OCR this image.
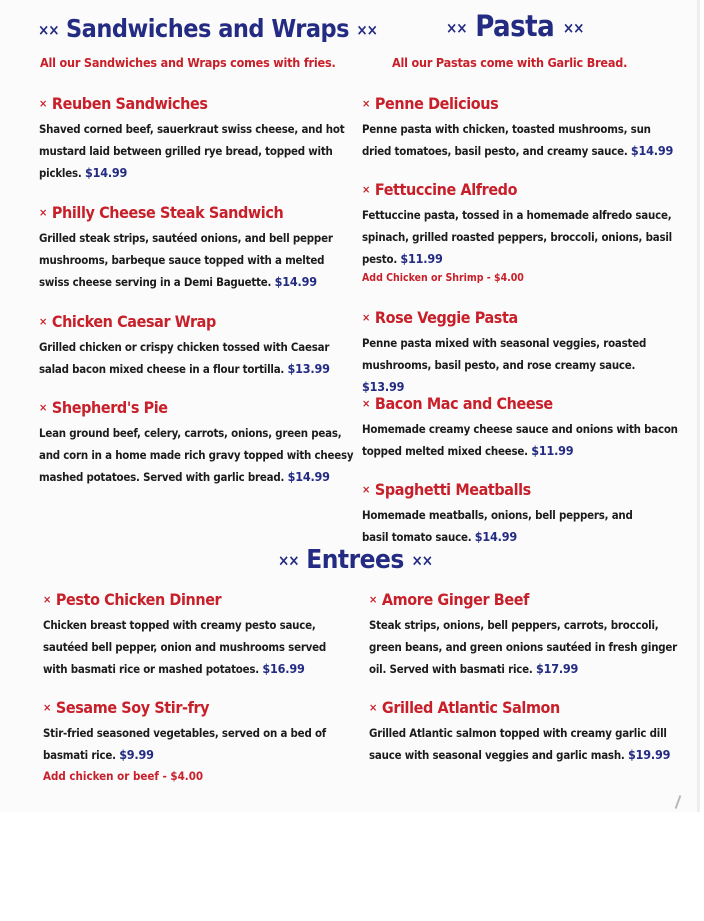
×× Sandwiches and Wraps ××

All our Sandwiches and Wraps comes with fries.

×× Pasta ××

All our Pastas come with Garlic Bread.

×× Entrees ××

× Reuben Sandwiches

Shaved corned beef, sauerkraut swiss cheese, and hot mustard laid between grilled rye bread, topped with pickles. $14.99

× Philly Cheese Steak Sandwich

Grilled steak strips, sautéed onions, and bell pepper mushrooms, barbeque sauce topped with a melted swiss cheese serving in a Demi Baguette. $14.99

× Chicken Caesar Wrap

Grilled chicken or crispy chicken tossed with Caesar salad bacon mixed cheese in a flour tortilla. $13.99

× Shepherd's Pie

Lean ground beef, celery, carrots, onions, green peas, and corn in a home made rich gravy topped with cheesy mashed potatoes. Served with garlic bread. $14.99

× Penne Delicious

Penne pasta with chicken, toasted mushrooms, sun dried tomatoes, basil pesto, and creamy sauce. $14.99

× Fettuccine Alfredo

Fettuccine pasta, tossed in a homemade alfredo sauce, spinach, grilled roasted peppers, broccoli, onions, basil pesto. $11.99

Add Chicken or Shrimp - $4.00

× Rose Veggie Pasta

Penne pasta mixed with seasonal veggies, roasted mushrooms, basil pesto, and rose creamy sauce. $13.99

× Bacon Mac and Cheese

Homemade creamy cheese sauce and onions with bacon topped melted mixed cheese. $11.99

× Spaghetti Meatballs

Homemade meatballs, onions, bell peppers, and basil tomato sauce. $14.99

× Pesto Chicken Dinner

Chicken breast topped with creamy pesto sauce, sautéed bell pepper, onion and mushrooms served with basmati rice or mashed potatoes. $16.99

× Amore Ginger Beef

Steak strips, onions, bell peppers, carrots, broccoli, green beans, and green onions sautéed in fresh ginger oil. Served with basmati rice. $17.99

× Sesame Soy Stir-fry

Stir-fried seasoned vegetables, served on a bed of basmati rice. $9.99

Add chicken or beef - $4.00

× Grilled Atlantic Salmon

Grilled Atlantic salmon topped with creamy garlic dill sauce with seasonal veggies and garlic mash. $19.99
